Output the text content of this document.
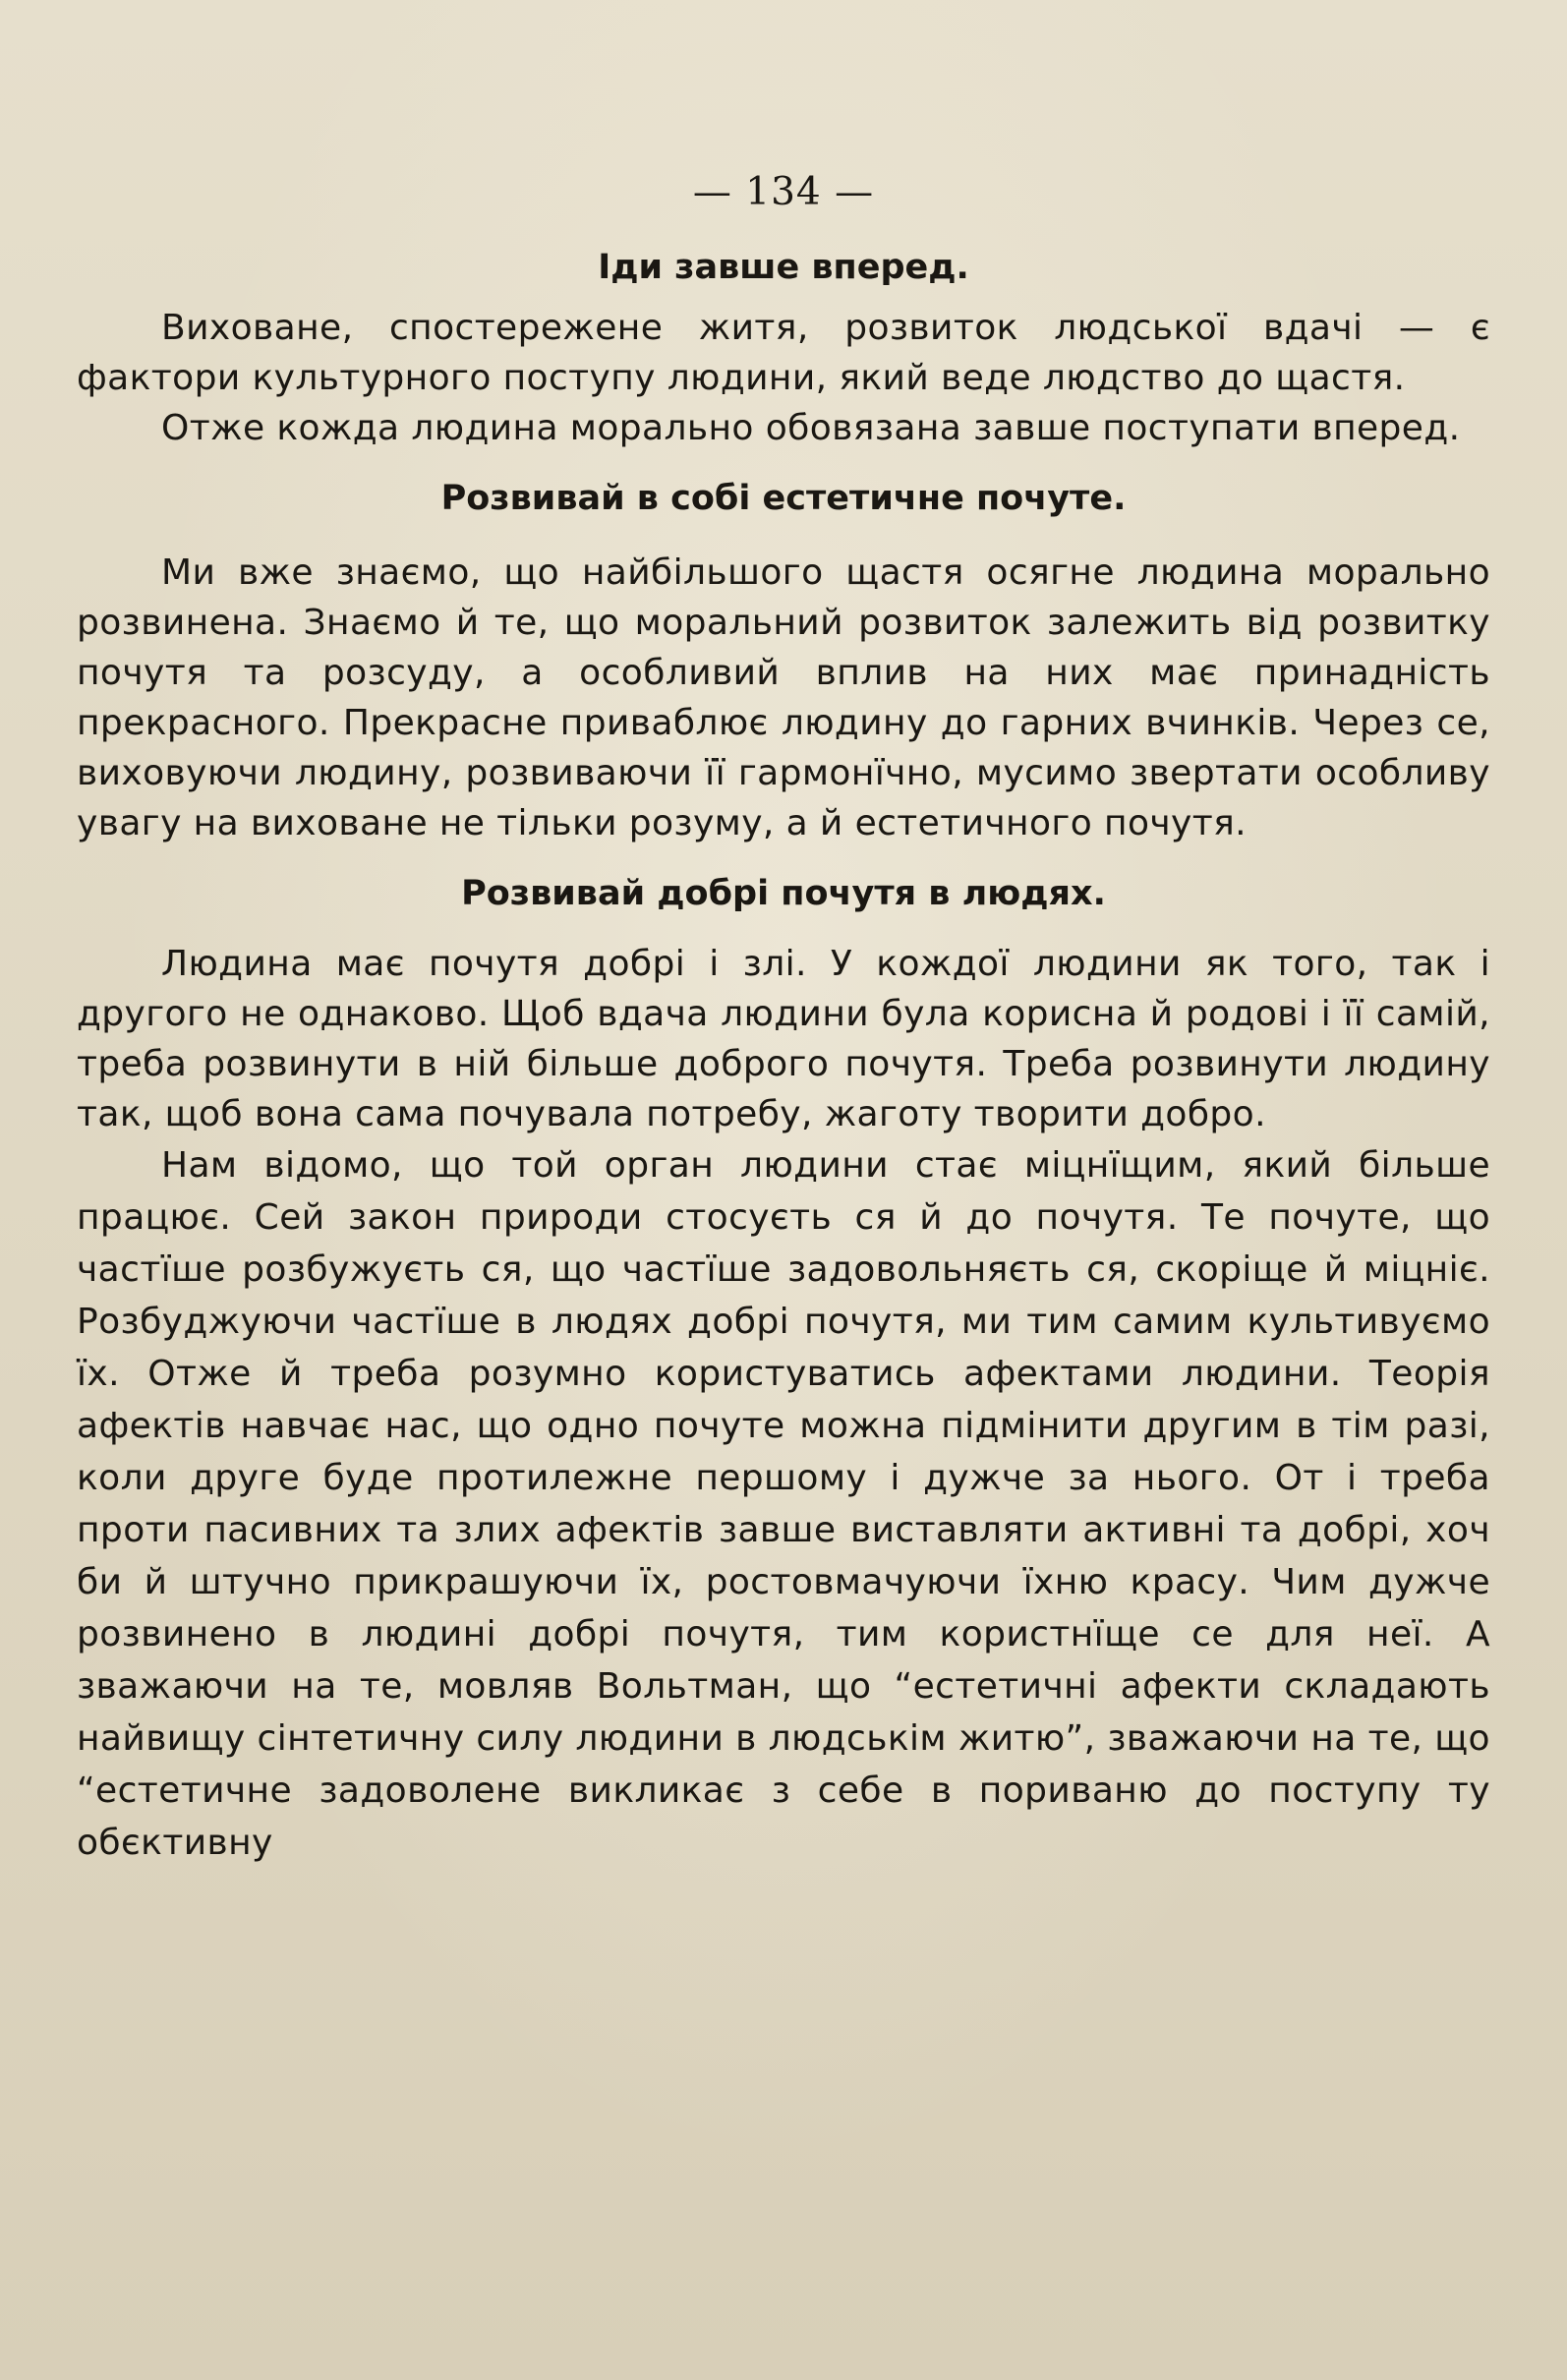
— 134 —
Іди завше вперед.

Виховане, спостережене житя, розвиток людської вдачі — є фактори культурного поступу людини, який веде людство до щастя.

Отже кожда людина морально обовязана завше поступати вперед.

Розвивай в собі естетичне почуте.

Ми вже знаємо, що найбільшого щастя осягне людина морально розвинена. Знаємо й те, що моральний розвиток залежить від розвитку почутя та розсуду, а особливий вплив на них має принадність прекрасного. Прекрасне приваблює людину до гарних вчинків. Через се, виховуючи людину, розвиваючи її гармонїчно, мусимо звертати особливу увагу на виховане не тільки розуму, а й естетичного почутя.

Розвивай добрі почутя в людях.

Людина має почутя добрі і злі. У кождої людини як того, так і другого не однаково. Щоб вдача людини була корисна й родові і її самій, треба розвинути в ній більше доброго почутя. Треба розвинути людину так, щоб вона сама почувала потребу, жаготу творити добро.

Нам відомо, що той орган людини стає міцнїщим, який більше працює. Сей закон природи стосуєть ся й до почутя. Те почуте, що частїше розбужуєть ся, що частїше задовольняєть ся, скоріще й міцніє. Розбуджуючи частїше в людях добрі почутя, ми тим самим культивуємо їх. Отже й треба розумно користуватись афектами людини. Теорія афектів навчає нас, що одно почуте можна підмінити другим в тім разі, коли друге буде протилежне першому і дужче за нього. От і треба проти пасивних та злих афектів завше виставляти активні та добрі, хоч би й штучно прикрашуючи їх, ростовмачуючи їхню красу. Чим дужче розвинено в людині добрі почутя, тим користнїще се для неї. А зважаючи на те, мовляв Вольтман, що “естетичні афекти складають найвищу сінтетичну силу людини в людськім житю”, зважаючи на те, що “естетичне задоволене викликає з себе в пориваню до поступу ту обєктивну
